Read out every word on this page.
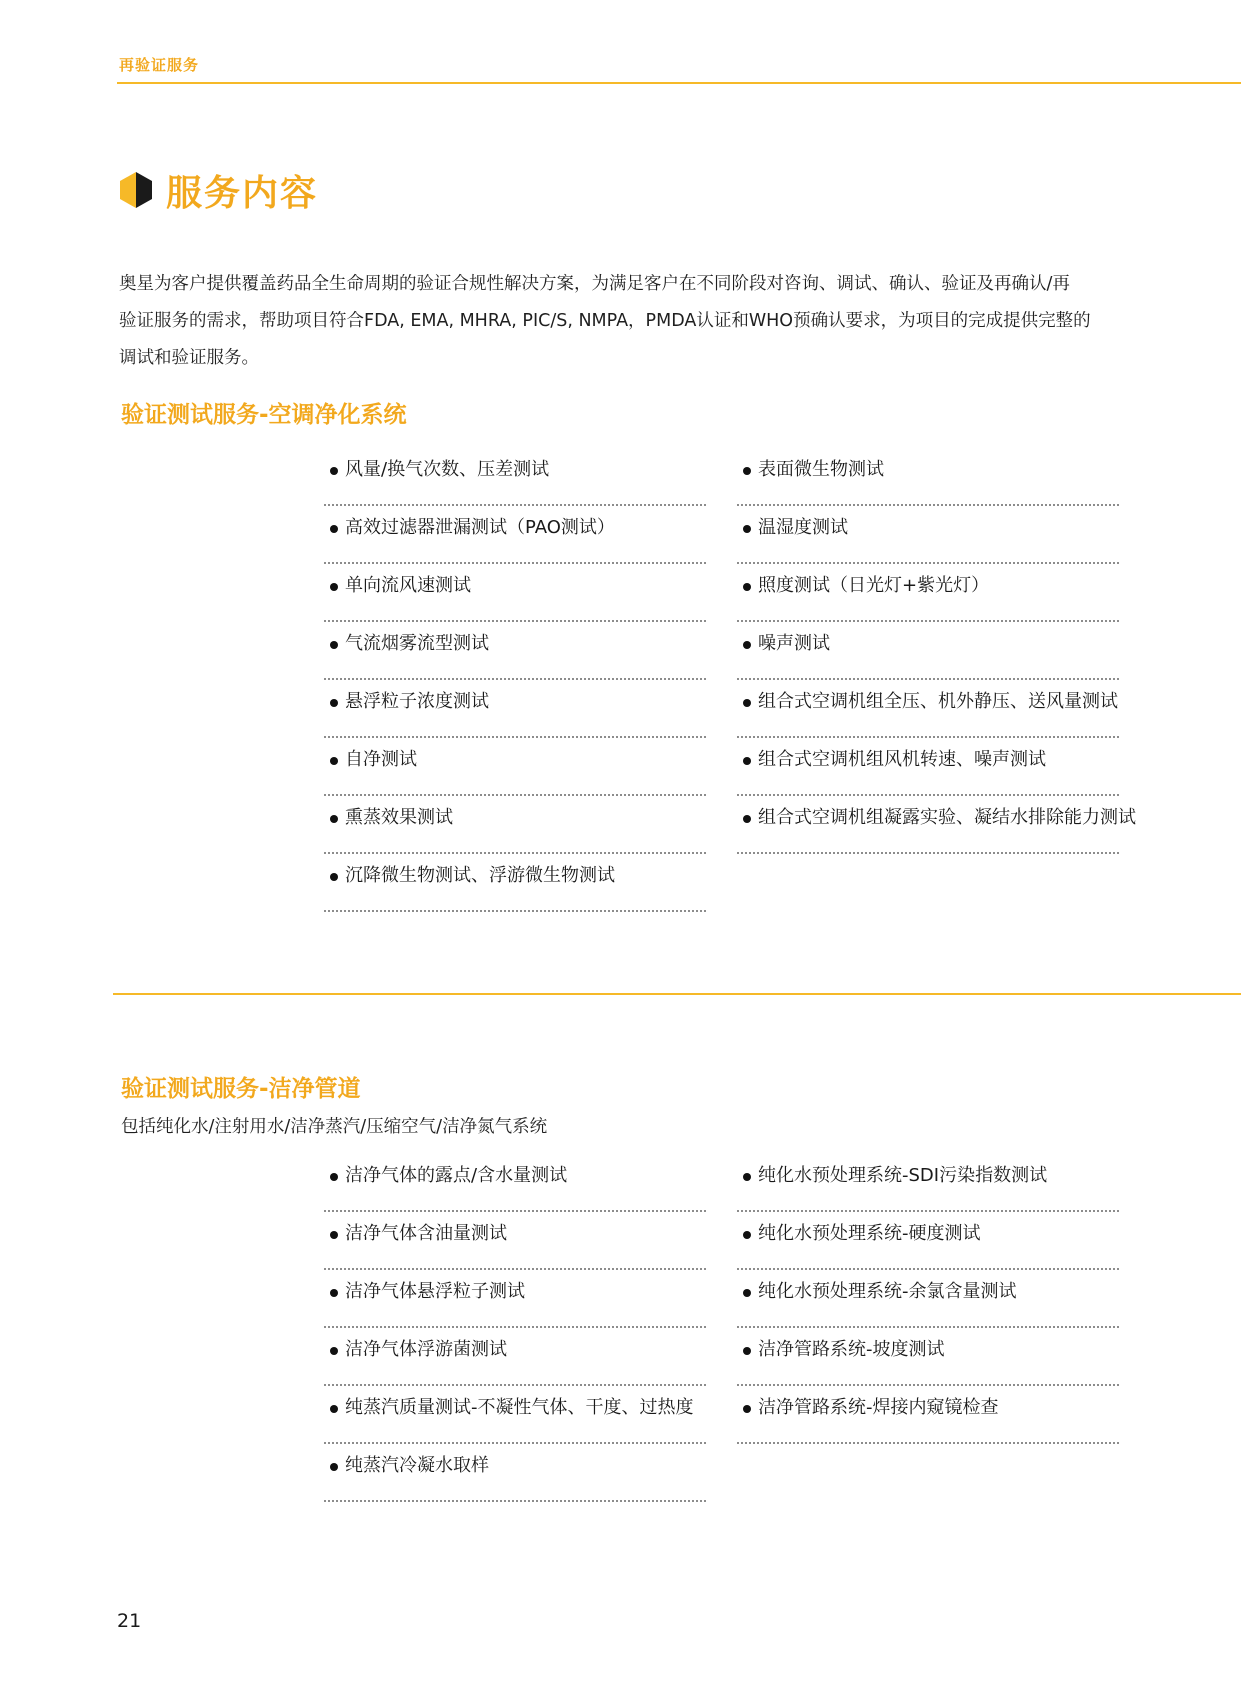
再验证服务
服务内容
奥星为客户提供覆盖药品全生命周期的验证合规性解决方案，为满足客户在不同阶段对咨询、调试、确认、验证及再确认/再
验证服务的需求，帮助项目符合FDA, EMA, MHRA, PIC/S, NMPA，PMDA认证和WHO预确认要求，为项目的完成提供完整的
调试和验证服务。
验证测试服务-空调净化系统
风量/换气次数、压差测试
高效过滤器泄漏测试（PAO测试）
单向流风速测试
气流烟雾流型测试
悬浮粒子浓度测试
自净测试
熏蒸效果测试
沉降微生物测试、浮游微生物测试
表面微生物测试
温湿度测试
照度测试（日光灯+紫光灯）
噪声测试
组合式空调机组全压、机外静压、送风量测试
组合式空调机组风机转速、噪声测试
组合式空调机组凝露实验、凝结水排除能力测试
验证测试服务-洁净管道
包括纯化水/注射用水/洁净蒸汽/压缩空气/洁净氮气系统
洁净气体的露点/含水量测试
洁净气体含油量测试
洁净气体悬浮粒子测试
洁净气体浮游菌测试
纯蒸汽质量测试-不凝性气体、干度、过热度
纯蒸汽冷凝水取样
纯化水预处理系统-SDI污染指数测试
纯化水预处理系统-硬度测试
纯化水预处理系统-余氯含量测试
洁净管路系统-坡度测试
洁净管路系统-焊接内窥镜检查
21
